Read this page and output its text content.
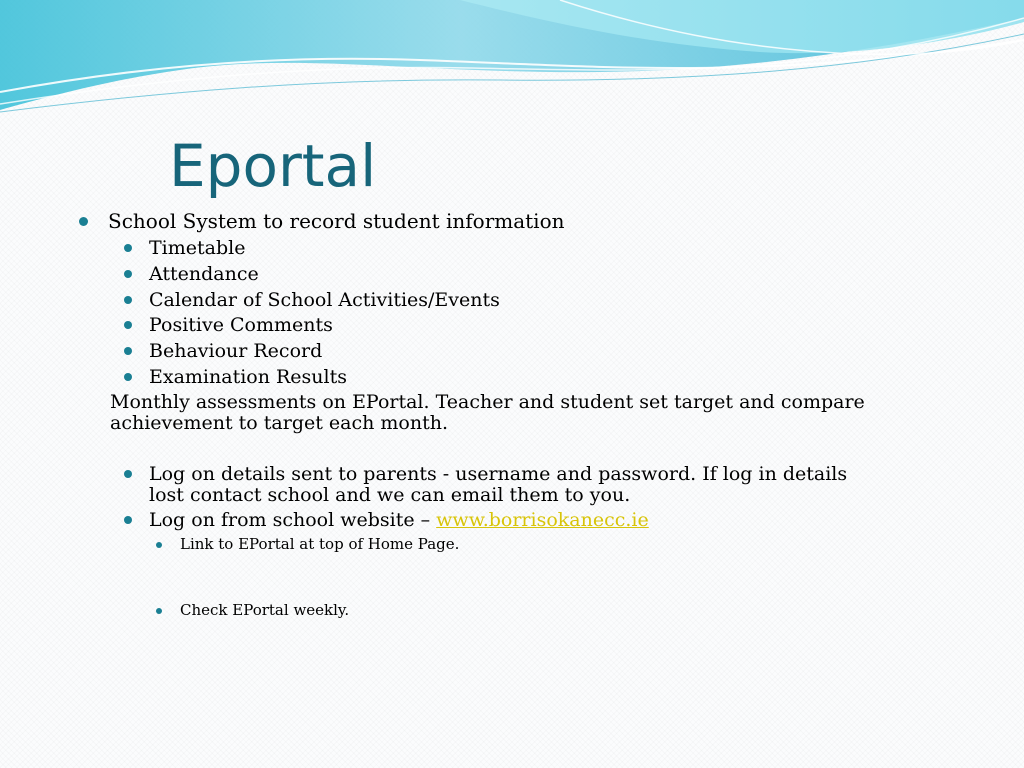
Eportal
School System to record student information
Timetable
Attendance
Calendar of School Activities/Events
Positive Comments
Behaviour Record
Examination Results
Monthly assessments on EPortal. Teacher and student set target and compare
achievement to target each month.
Log on details sent to parents - username and password. If log in details
lost contact school and we can email them to you.
Log on from school website – www.borrisokanecc.ie
Link to EPortal at top of Home Page.
Check EPortal weekly.
